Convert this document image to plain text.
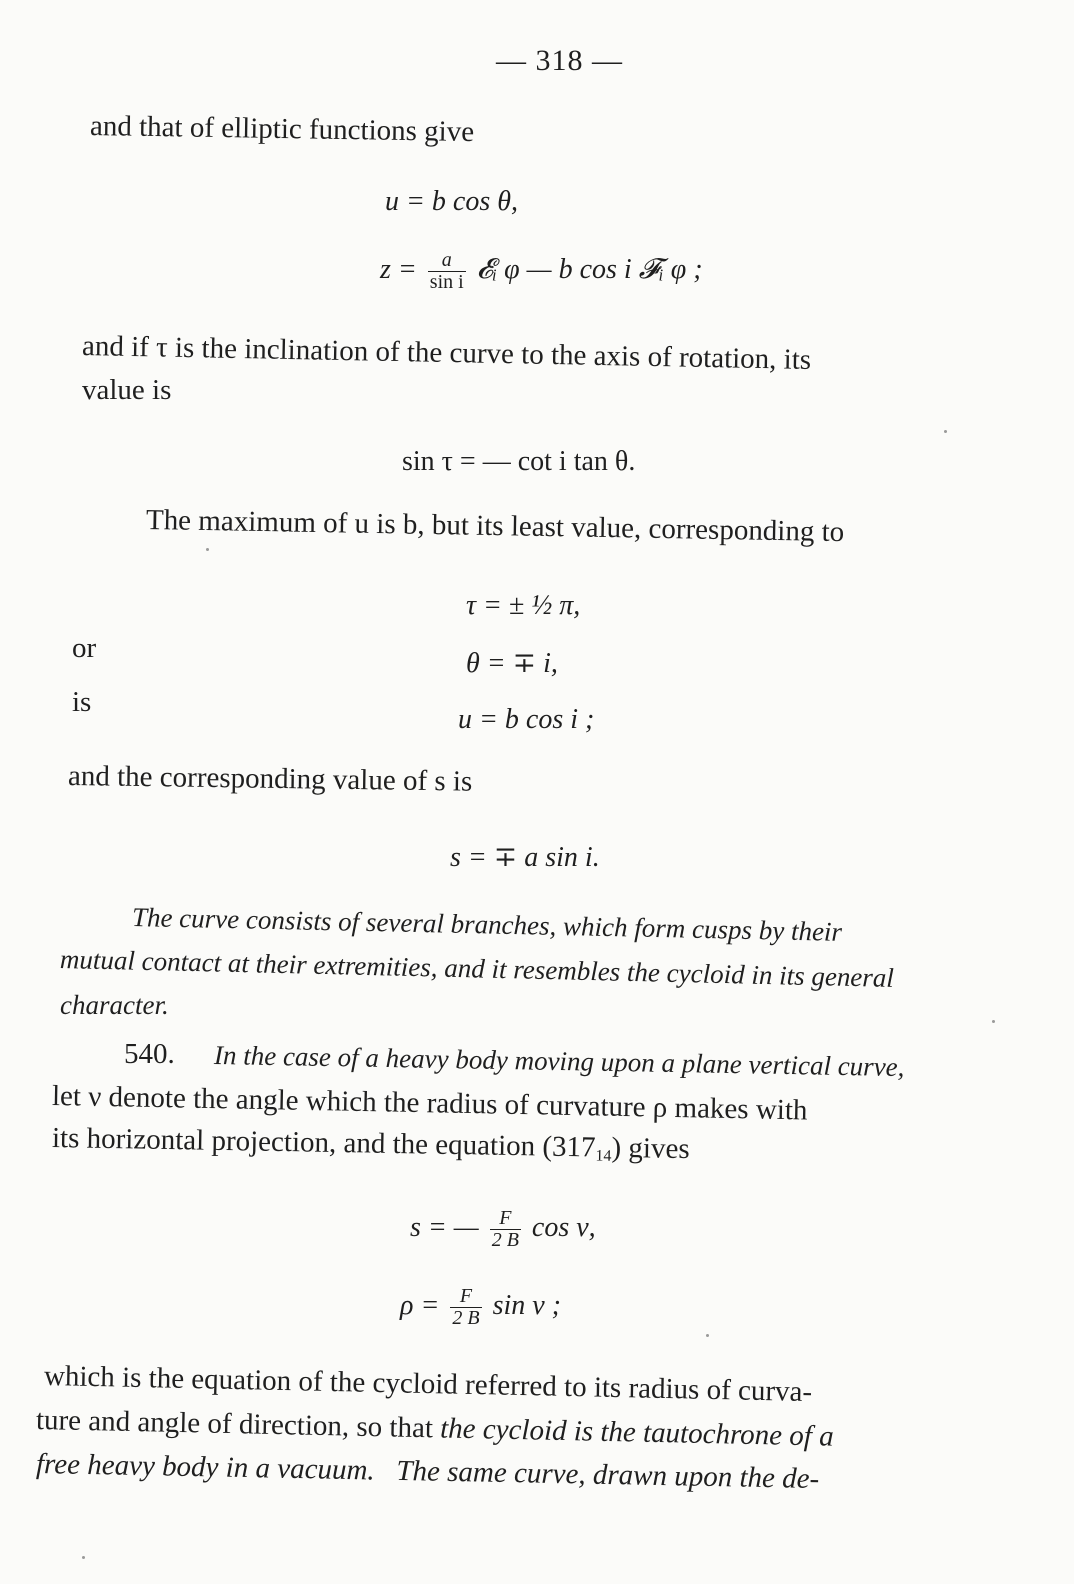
— 318 —
and that of elliptic functions give
u = b cos θ,
$z = \frac{a}{\text{sin i}}$ 𝓔ᵢ φ — b cos i 𝓕ᵢ φ ;
and if τ is the inclination of the curve to the axis of rotation, its
value is
sin τ = — cot i tan θ.
The maximum of u is b, but its least value, corresponding to
τ = ± ½ π,
or	θ = ∓ i,
is
u = b cos i ;
and the corresponding value of s is
s = ∓ a sin i.
The curve consists of several branches, which form cusps by their
mutual contact at their extremities, and it resembles the cycloid in its general
character.
540. In the case of a heavy body moving upon a plane vertical curve,
let ν denote the angle which the radius of curvature ρ makes with
its horizontal projection, and the equation $(317_{14})$ gives
s = — $\frac{F}{2 B}$ cos ν,
$\rho = \frac{F}{2 B}$ sin ν ;
which is the equation of the cycloid referred to its radius of curva-
ture and angle of direction, so that the cycloid is the tautochrone of a
free heavy body in a vacuum. The same curve, drawn upon the de-
